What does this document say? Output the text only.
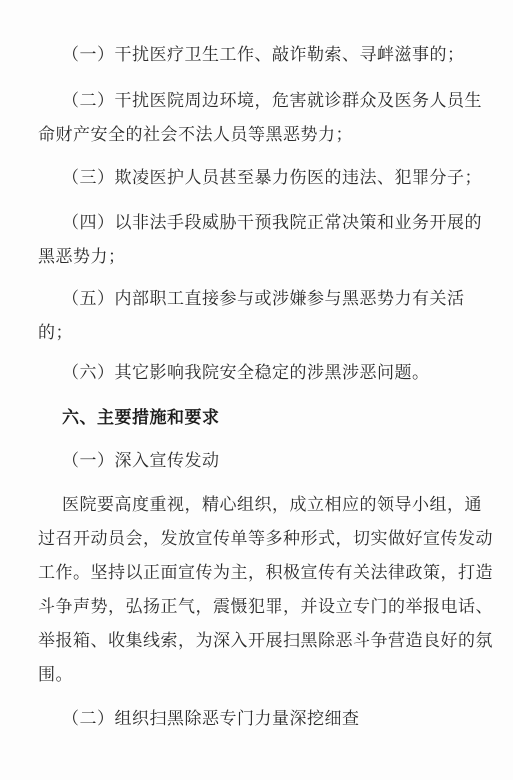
（一）干扰医疗卫生工作、敲诈勒索、寻衅滋事的；
（二）干扰医院周边环境，危害就诊群众及医务人员生
命财产安全的社会不法人员等黑恶势力；
（三）欺凌医护人员甚至暴力伤医的违法、犯罪分子；
（四）以非法手段威胁干预我院正常决策和业务开展的
黑恶势力；
（五）内部职工直接参与或涉嫌参与黑恶势力有关活
的；
（六）其它影响我院安全稳定的涉黑涉恶问题。
六、主要措施和要求
（一）深入宣传发动
医院要高度重视，精心组织，成立相应的领导小组，通
过召开动员会，发放宣传单等多种形式，切实做好宣传发动
工作。坚持以正面宣传为主，积极宣传有关法律政策，打造
斗争声势，弘扬正气，震慑犯罪，并设立专门的举报电话、
举报箱、收集线索，为深入开展扫黑除恶斗争营造良好的氛
围。
（二）组织扫黑除恶专门力量深挖细查
